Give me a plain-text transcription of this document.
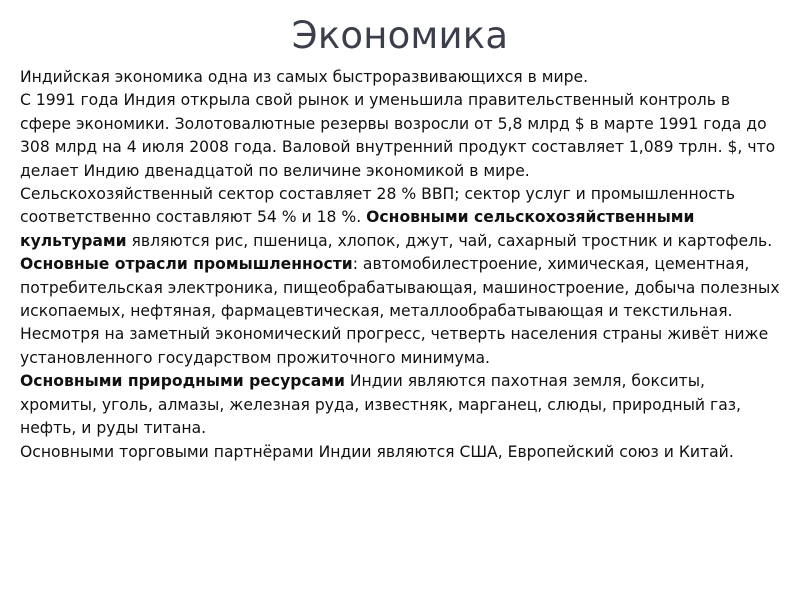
Экономика

Индийская экономика одна из самых быстроразвивающихся в мире.

С 1991 года Индия открыла свой рынок и уменьшила правительственный контроль в сфере экономики. Золотовалютные резервы возросли от 5,8 млрд $ в марте 1991 года до 308 млрд на 4 июля 2008 года. Валовой внутренний продукт составляет 1,089 трлн. $, что делает Индию двенадцатой по величине экономикой в мире.

Сельскохозяйственный сектор составляет 28 % ВВП; сектор услуг и промышленность соответственно составляют 54 % и 18 %. Основными сельскохозяйственными культурами являются рис, пшеница, хлопок, джут, чай, сахарный тростник и картофель. Основные отрасли промышленности: автомобилестроение, химическая, цементная, потребительская электроника, пищеобрабатывающая, машиностроение, добыча полезных ископаемых, нефтяная, фармацевтическая, металлообрабатывающая и текстильная.

Несмотря на заметный экономический прогресс, четверть населения страны живёт ниже установленного государством прожиточного минимума.

Основными природными ресурсами Индии являются пахотная земля, бокситы, хромиты, уголь, алмазы, железная руда, известняк, марганец, слюды, природный газ, нефть, и руды титана.

Основными торговыми партнёрами Индии являются США, Европейский союз и Китай.
